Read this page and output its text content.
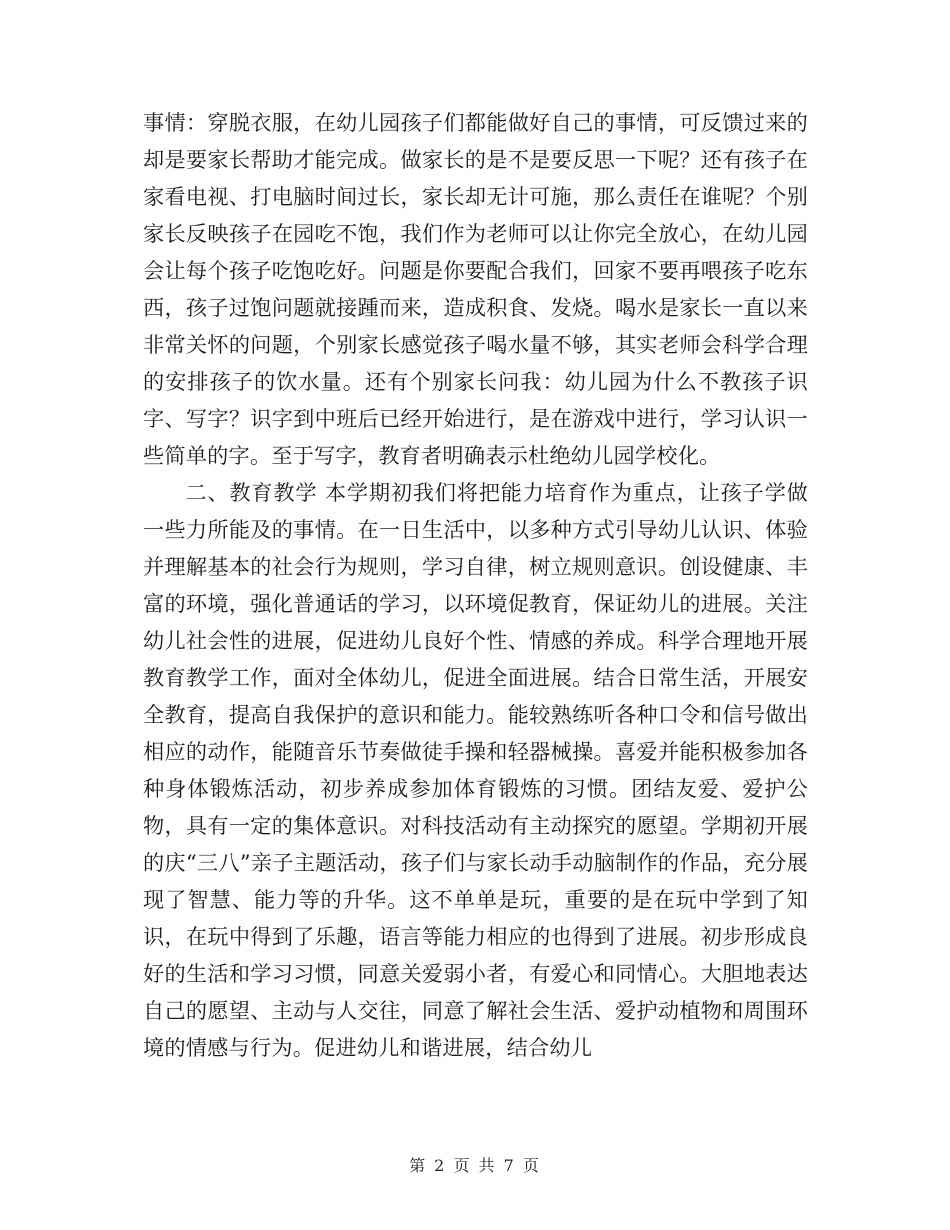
事情：穿脱衣服，在幼儿园孩子们都能做好自己的事情，可反馈过来的却是要家长帮助才能完成。做家长的是不是要反思一下呢？还有孩子在家看电视、打电脑时间过长，家长却无计可施，那么责任在谁呢？个别家长反映孩子在园吃不饱，我们作为老师可以让你完全放心，在幼儿园会让每个孩子吃饱吃好。问题是你要配合我们，回家不要再喂孩子吃东西，孩子过饱问题就接踵而来，造成积食、发烧。喝水是家长一直以来非常关怀的问题，个别家长感觉孩子喝水量不够，其实老师会科学合理的安排孩子的饮水量。还有个别家长问我：幼儿园为什么不教孩子识字、写字？识字到中班后已经开始进行，是在游戏中进行，学习认识一些简单的字。至于写字，教育者明确表示杜绝幼儿园学校化。

二、教育教学 本学期初我们将把能力培育作为重点，让孩子学做一些力所能及的事情。在一日生活中，以多种方式引导幼儿认识、体验并理解基本的社会行为规则，学习自律，树立规则意识。创设健康、丰富的环境，强化普通话的学习，以环境促教育，保证幼儿的进展。关注幼儿社会性的进展，促进幼儿良好个性、情感的养成。科学合理地开展教育教学工作，面对全体幼儿，促进全面进展。结合日常生活，开展安全教育，提高自我保护的意识和能力。能较熟练听各种口令和信号做出相应的动作，能随音乐节奏做徒手操和轻器械操。喜爱并能积极参加各种身体锻炼活动，初步养成参加体育锻炼的习惯。团结友爱、爱护公物，具有一定的集体意识。对科技活动有主动探究的愿望。学期初开展的庆“三八”亲子主题活动，孩子们与家长动手动脑制作的作品，充分展现了智慧、能力等的升华。这不单单是玩，重要的是在玩中学到了知识，在玩中得到了乐趣，语言等能力相应的也得到了进展。初步形成良好的生活和学习习惯，同意关爱弱小者，有爱心和同情心。大胆地表达自己的愿望、主动与人交往，同意了解社会生活、爱护动植物和周围环境的情感与行为。促进幼儿和谐进展，结合幼儿

第 2 页 共 7 页
